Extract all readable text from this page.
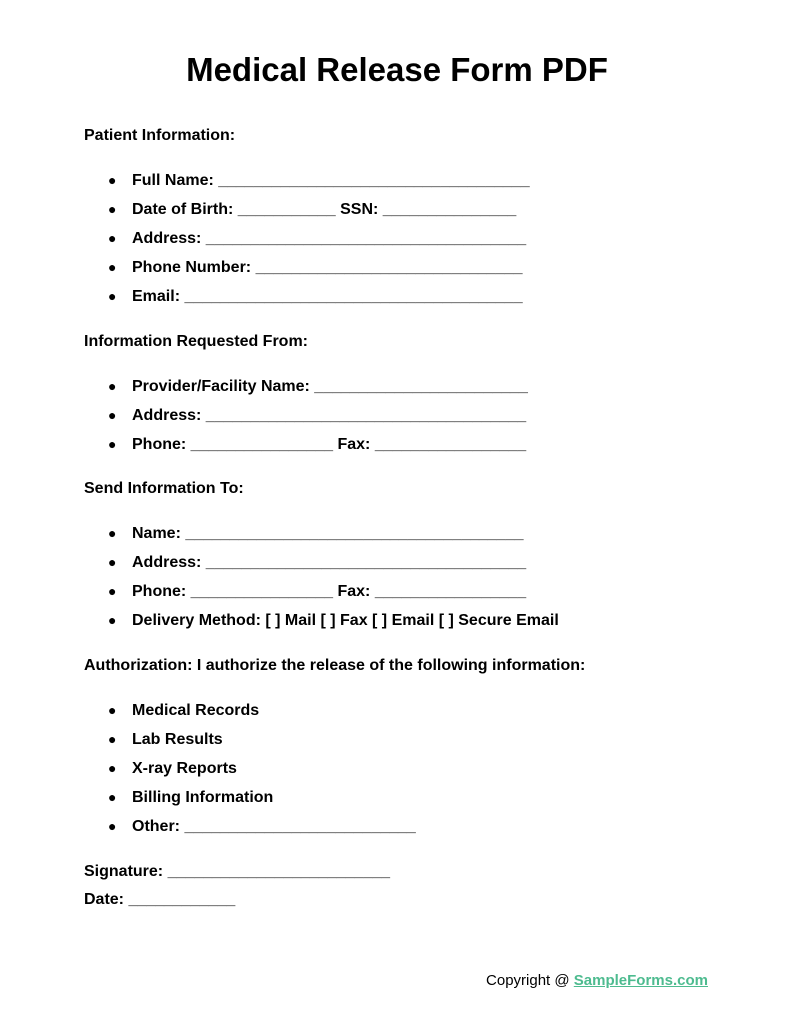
Medical Release Form PDF

Patient Information:

● Full Name: ___________________________________
● Date of Birth: ___________ SSN: _______________
● Address: ____________________________________
● Phone Number: ______________________________
● Email: ______________________________________

Information Requested From:

● Provider/Facility Name: ________________________
● Address: ____________________________________
● Phone: ________________ Fax: _________________

Send Information To:

● Name: ______________________________________
● Address: ____________________________________
● Phone: ________________ Fax: _________________
● Delivery Method: [ ] Mail [ ] Fax [ ] Email [ ] Secure Email

Authorization: I authorize the release of the following information:

● Medical Records
● Lab Results
● X-ray Reports
● Billing Information
● Other: __________________________

Signature: _________________________

Date: ____________

Copyright @ SampleForms.com
